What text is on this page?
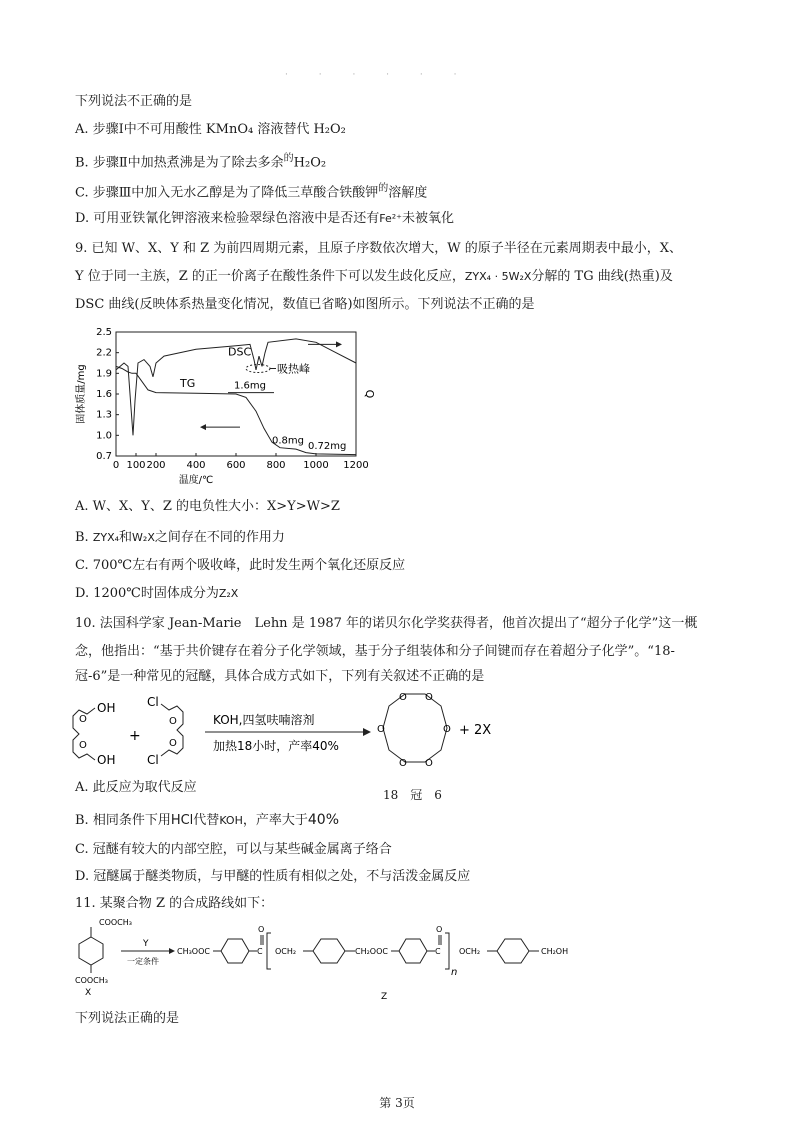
· · · · · ·
下列说法不正确的是
A. 步骤Ⅰ中不可用酸性 KMnO₄ 溶液替代 H₂O₂
B. 步骤Ⅱ中加热煮沸是为了除去多余$^的$H₂O₂
C. 步骤Ⅲ中加入无水乙醇是为了降低三草酸合铁酸钾$^的$溶解度
D. 可用亚铁氰化钾溶液来检验翠绿色溶液中是否还有Fe²⁺未被氧化
9. 已知 W、X、Y 和 Z 为前四周期元素，且原子序数依次增大，W 的原子半径在元素周期表中最小，X、
Y 位于同一主族，Z 的正一价离子在酸性条件下可以发生歧化反应，ZYX₄ · 5W₂X分解的 TG 曲线(热重)及
DSC 曲线(反映体系热量变化情况，数值已省略)如图所示。下列说法不正确的是
2.5
2.2
1.9
1.6
1.3
1.0
0.7
0 100 200 400 600 800 1000 1200
温度/℃
固体质量/mg	Q
DSC
TG	1.6mg
0.8mg
0.72mg
吸热峰
A. W、X、Y、Z 的电负性大小：X>Y>W>Z
B. ZYX₄和W₂X之间存在不同的作用力
C. 700℃左右有两个吸收峰，此时发生两个氧化还原反应
D. 1200℃时固体成分为Z₂X
10. 法国科学家 Jean-Marie　Lehn 是 1987 年的诺贝尔化学奖获得者，他首次提出了“超分子化学”这一概
念，他指出：“基于共价键存在着分子化学领域，基于分子组装体和分子间键而存在着超分子化学”。“18-
冠-6”是一种常见的冠醚，具体合成方式如下，下列有关叙述不正确的是
O
O
OH
OH
+
Cl
Cl
O
O
KOH,四氢呋喃溶剂
加热18小时，产率40%
O O
O
O
O
O	+ 2X
18　冠　6
A. 此反应为取代反应
B. 相同条件下用HCl代替KOH，产率大于40%
C. 冠醚有较大的内部空腔，可以与某些碱金属离子络合
D. 冠醚属于醚类物质，与甲醚的性质有相似之处，不与活泼金属反应
11. 某聚合物 Z 的合成路线如下：
COOCH₃
COOCH₃
X
Y
一定条件
CH₃OOC	C
O
OCH₂	CH₂OOC	C
O
n
OCH₂	CH₂OH
Z
下列说法正确的是
第 3页
